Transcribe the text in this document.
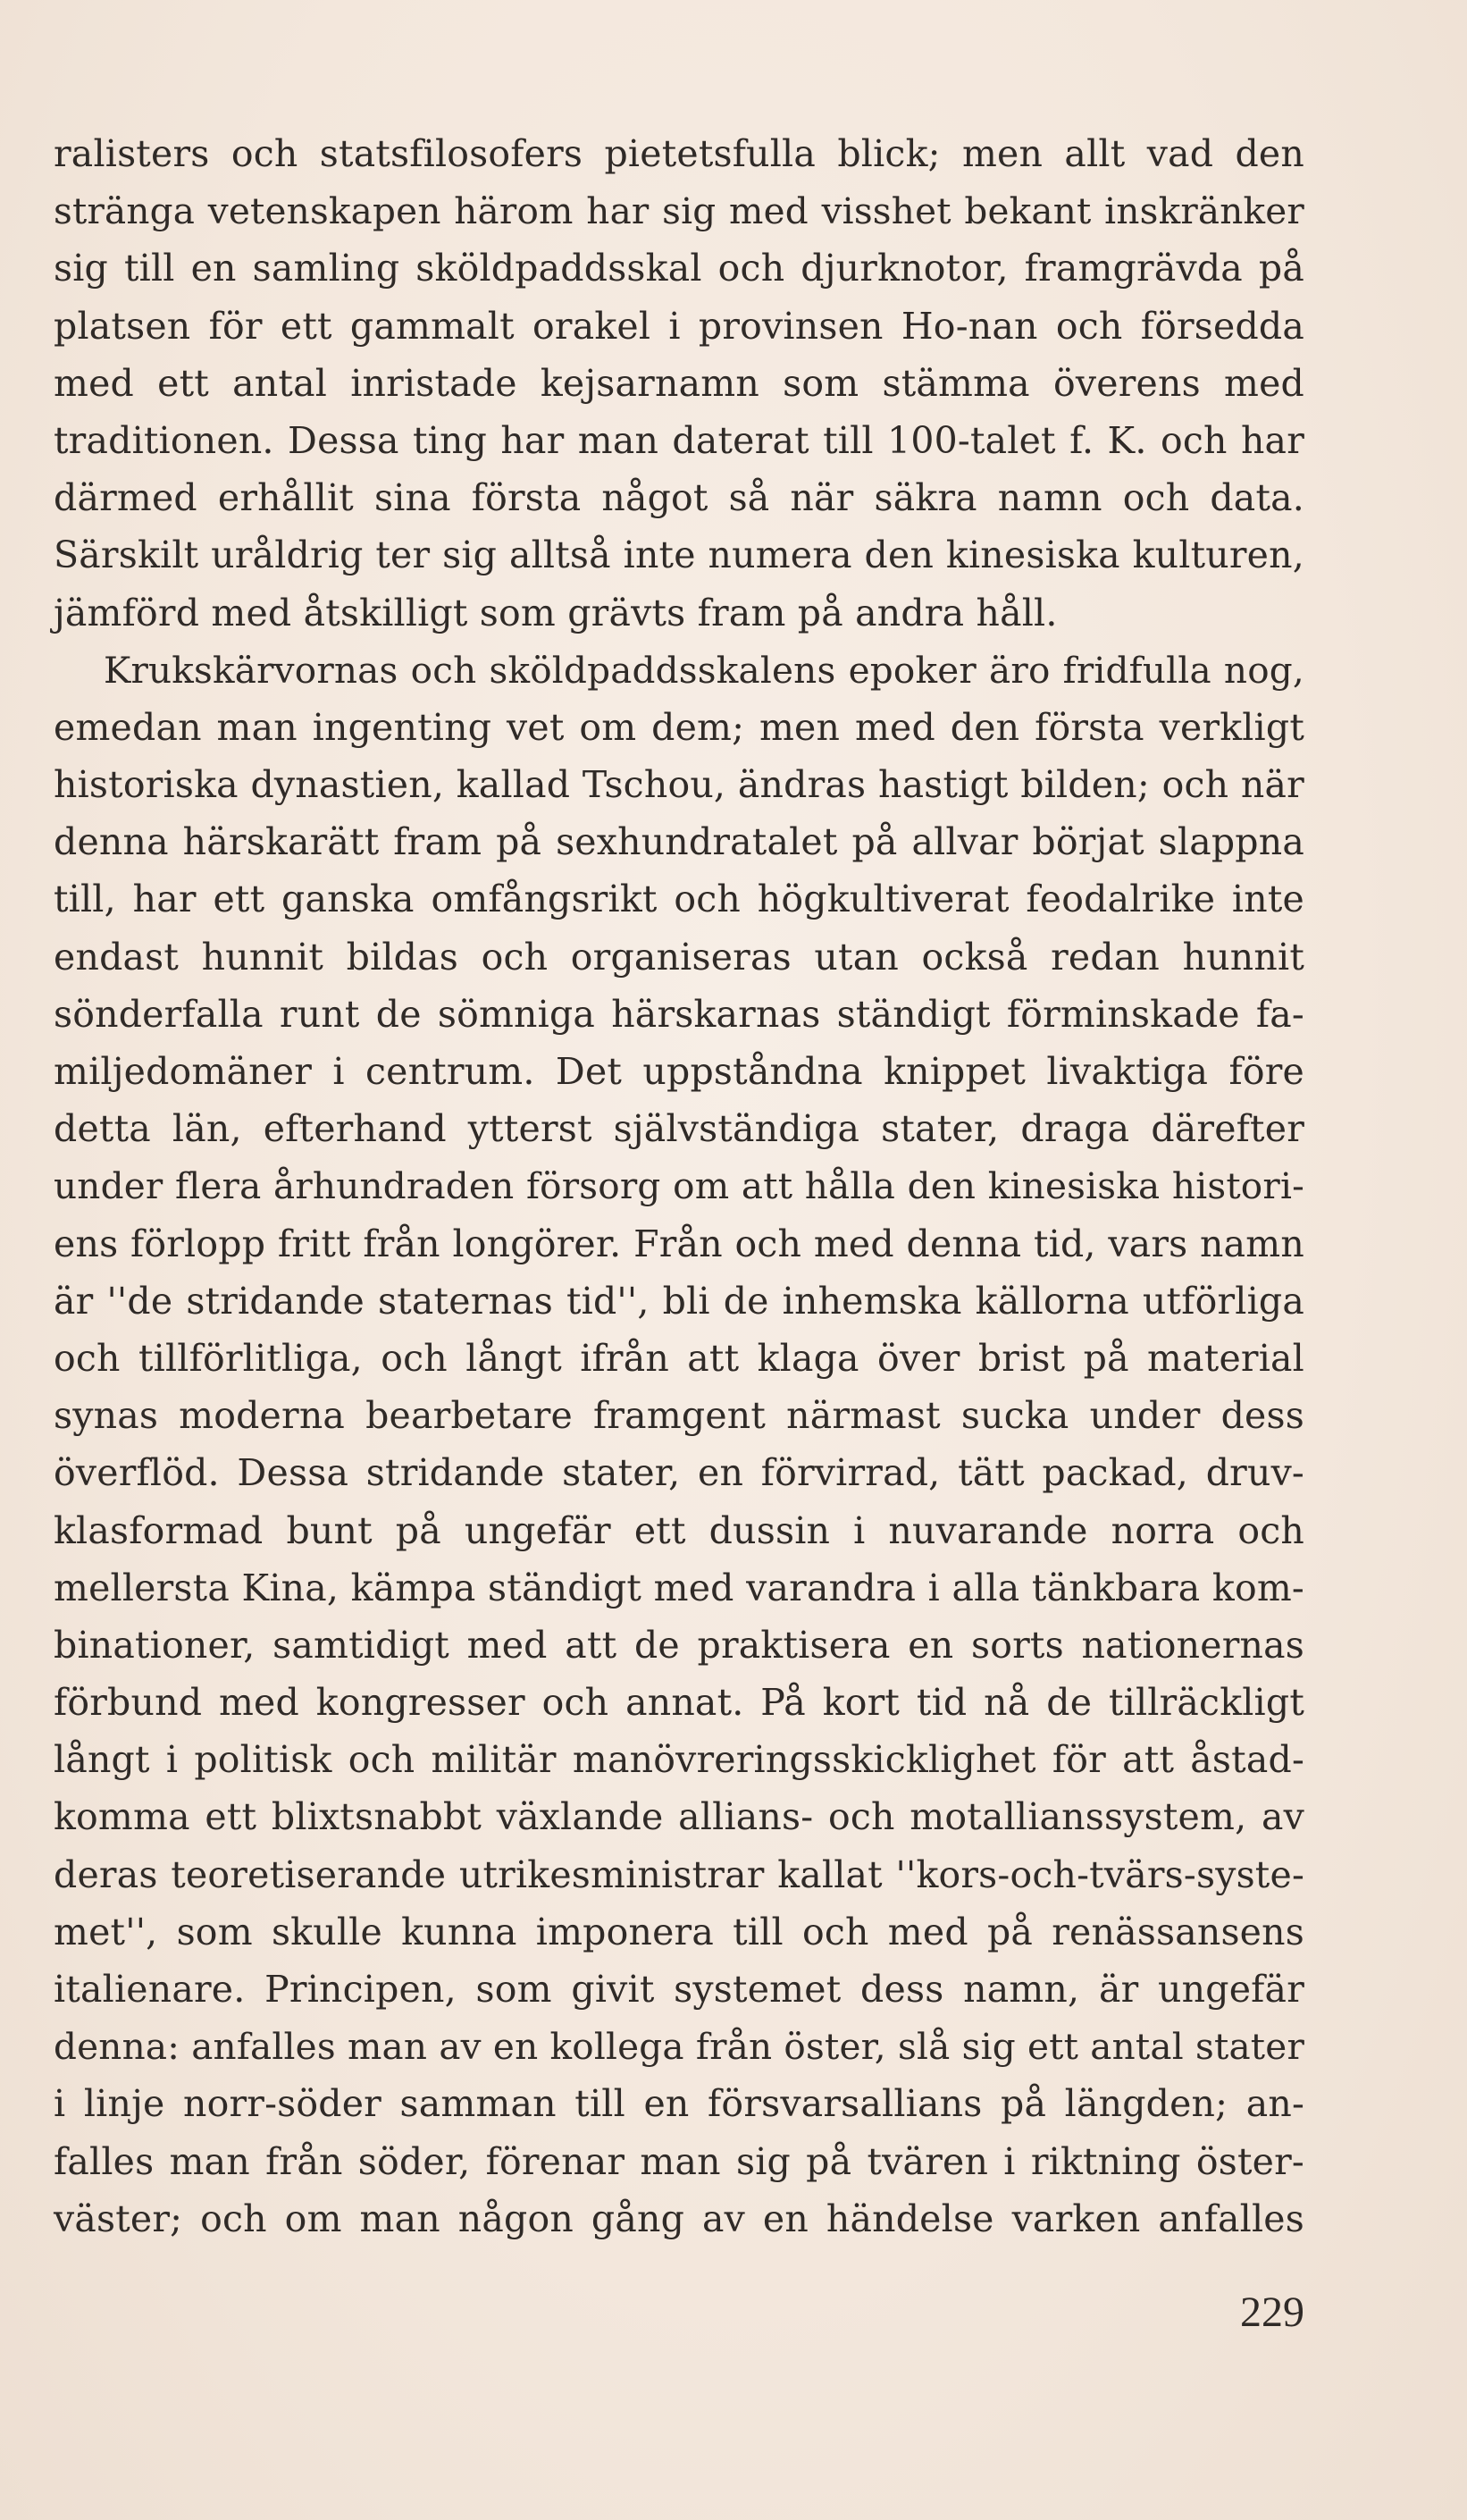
ralisters och statsfilosofers pietetsfulla blick; men allt vad den
stränga vetenskapen härom har sig med visshet bekant inskränker
sig till en samling sköldpaddsskal och djurknotor, framgrävda på
platsen för ett gammalt orakel i provinsen Ho-nan och försedda
med ett antal inristade kejsarnamn som stämma överens med
traditionen. Dessa ting har man daterat till 100-talet f. K. och har
därmed erhållit sina första något så när säkra namn och data.
Särskilt uråldrig ter sig alltså inte numera den kinesiska kulturen,
jämförd med åtskilligt som grävts fram på andra håll.
Krukskärvornas och sköldpaddsskalens epoker äro fridfulla nog,
emedan man ingenting vet om dem; men med den första verkligt
historiska dynastien, kallad Tschou, ändras hastigt bilden; och när
denna härskarätt fram på sexhundratalet på allvar börjat slappna
till, har ett ganska omfångsrikt och högkultiverat feodalrike inte
endast hunnit bildas och organiseras utan också redan hunnit
sönderfalla runt de sömniga härskarnas ständigt förminskade fa-
miljedomäner i centrum. Det uppståndna knippet livaktiga före
detta län, efterhand ytterst självständiga stater, draga därefter
under flera århundraden försorg om att hålla den kinesiska histori-
ens förlopp fritt från longörer. Från och med denna tid, vars namn
är ''de stridande staternas tid'', bli de inhemska källorna utförliga
och tillförlitliga, och långt ifrån att klaga över brist på material
synas moderna bearbetare framgent närmast sucka under dess
överflöd. Dessa stridande stater, en förvirrad, tätt packad, druv-
klasformad bunt på ungefär ett dussin i nuvarande norra och
mellersta Kina, kämpa ständigt med varandra i alla tänkbara kom-
binationer, samtidigt med att de praktisera en sorts nationernas
förbund med kongresser och annat. På kort tid nå de tillräckligt
långt i politisk och militär manövreringsskicklighet för att åstad-
komma ett blixtsnabbt växlande allians- och motallianssystem, av
deras teoretiserande utrikesministrar kallat ''kors-och-tvärs-syste-
met'', som skulle kunna imponera till och med på renässansens
italienare. Principen, som givit systemet dess namn, är ungefär
denna: anfalles man av en kollega från öster, slå sig ett antal stater
i linje norr-söder samman till en försvarsallians på längden; an-
falles man från söder, förenar man sig på tvären i riktning öster-
väster; och om man någon gång av en händelse varken anfalles
229
